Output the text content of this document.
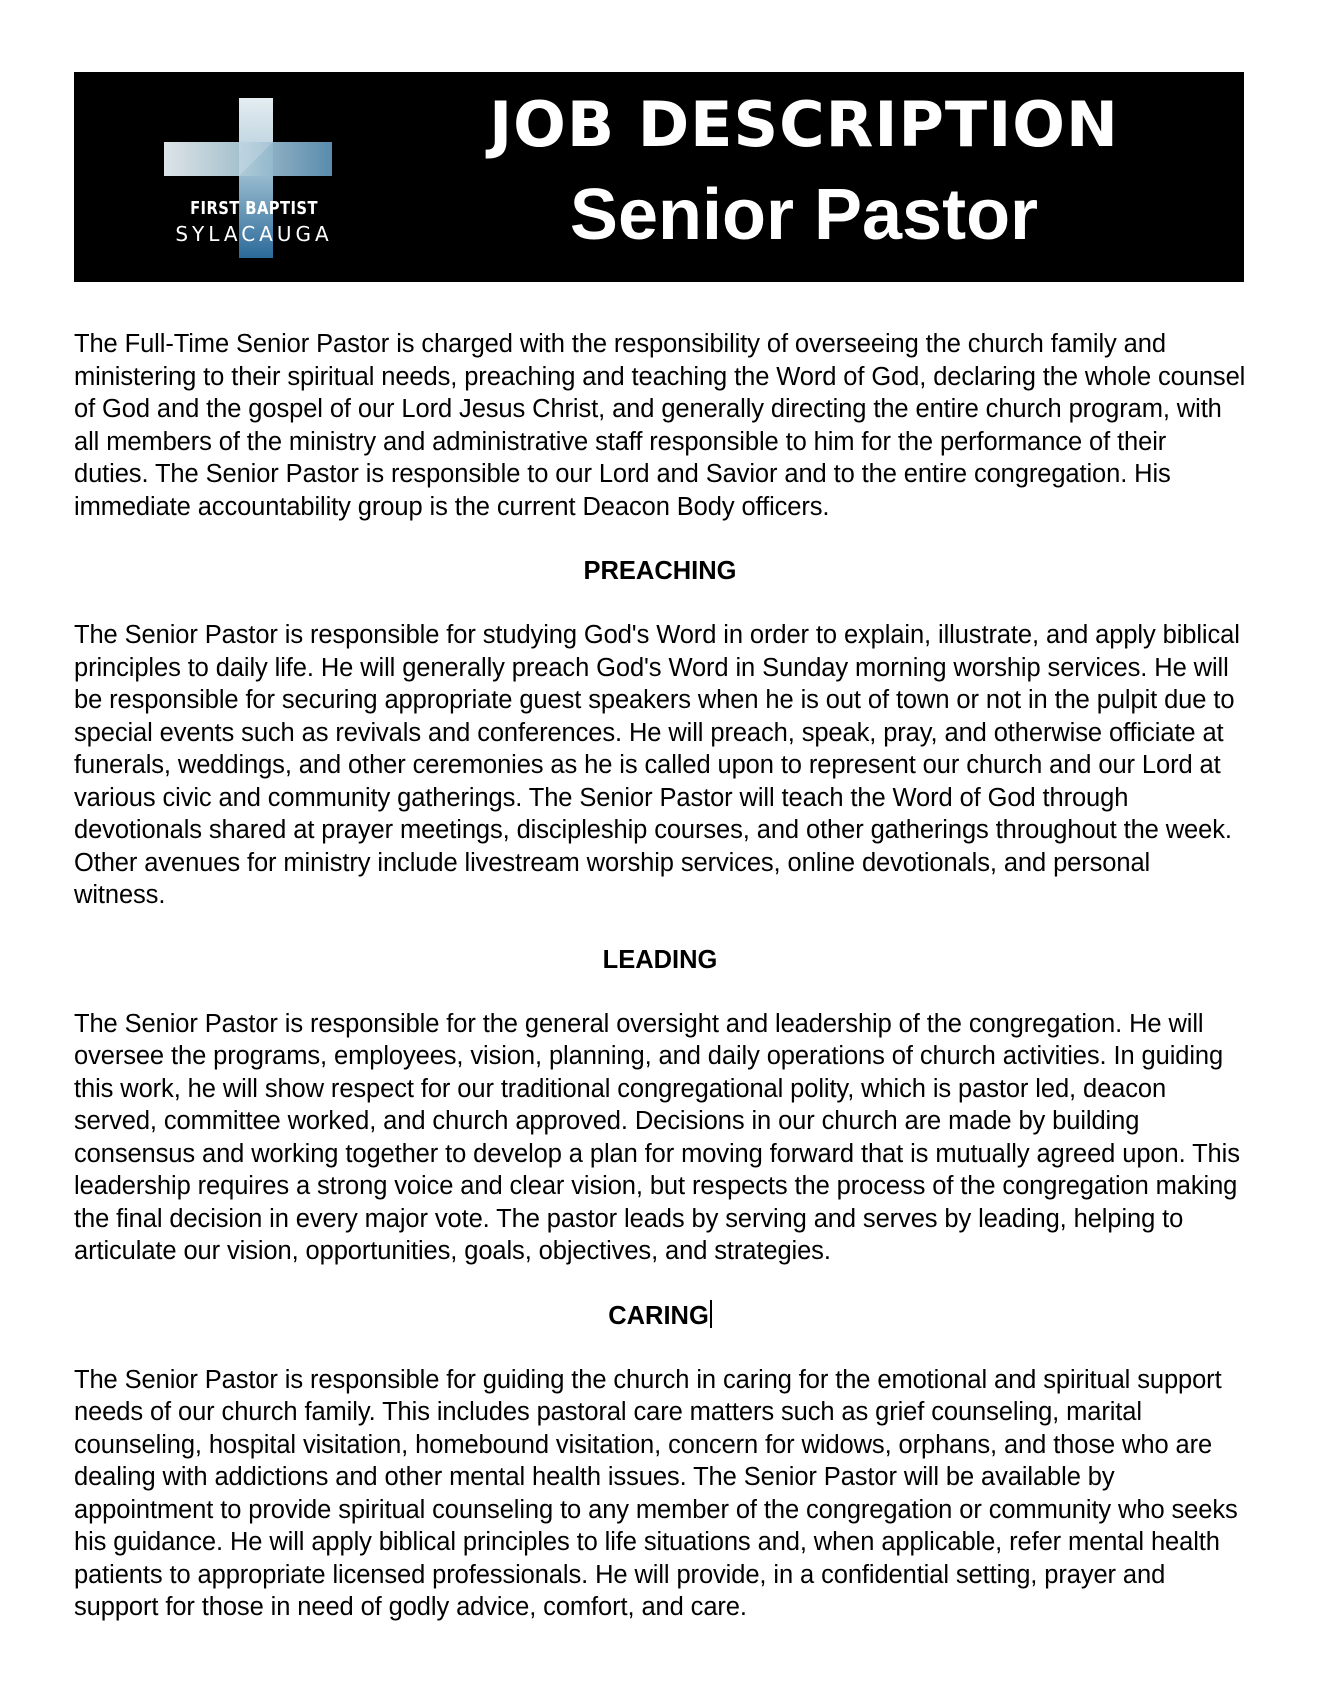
FIRST BAPTIST
SYLACAUGA
JOB DESCRIPTION
Senior Pastor

The Full-Time Senior Pastor is charged with the responsibility of overseeing the church family and ministering to their spiritual needs, preaching and teaching the Word of God, declaring the whole counsel of God and the gospel of our Lord Jesus Christ, and generally directing the entire church program, with all members of the ministry and administrative staff responsible to him for the performance of their duties. The Senior Pastor is responsible to our Lord and Savior and to the entire congregation. His immediate accountability group is the current Deacon Body officers.

PREACHING

The Senior Pastor is responsible for studying God's Word in order to explain, illustrate, and apply biblical principles to daily life. He will generally preach God's Word in Sunday morning worship services. He will be responsible for securing appropriate guest speakers when he is out of town or not in the pulpit due to special events such as revivals and conferences. He will preach, speak, pray, and otherwise officiate at funerals, weddings, and other ceremonies as he is called upon to represent our church and our Lord at various civic and community gatherings. The Senior Pastor will teach the Word of God through devotionals shared at prayer meetings, discipleship courses, and other gatherings throughout the week. Other avenues for ministry include livestream worship services, online devotionals, and personal witness.

LEADING

The Senior Pastor is responsible for the general oversight and leadership of the congregation. He will oversee the programs, employees, vision, planning, and daily operations of church activities. In guiding this work, he will show respect for our traditional congregational polity, which is pastor led, deacon served, committee worked, and church approved. Decisions in our church are made by building consensus and working together to develop a plan for moving forward that is mutually agreed upon. This leadership requires a strong voice and clear vision, but respects the process of the congregation making the final decision in every major vote. The pastor leads by serving and serves by leading, helping to articulate our vision, opportunities, goals, objectives, and strategies.

CARING

The Senior Pastor is responsible for guiding the church in caring for the emotional and spiritual support needs of our church family. This includes pastoral care matters such as grief counseling, marital counseling, hospital visitation, homebound visitation, concern for widows, orphans, and those who are dealing with addictions and other mental health issues. The Senior Pastor will be available by appointment to provide spiritual counseling to any member of the congregation or community who seeks his guidance. He will apply biblical principles to life situations and, when applicable, refer mental health patients to appropriate licensed professionals. He will provide, in a confidential setting, prayer and support for those in need of godly advice, comfort, and care.
